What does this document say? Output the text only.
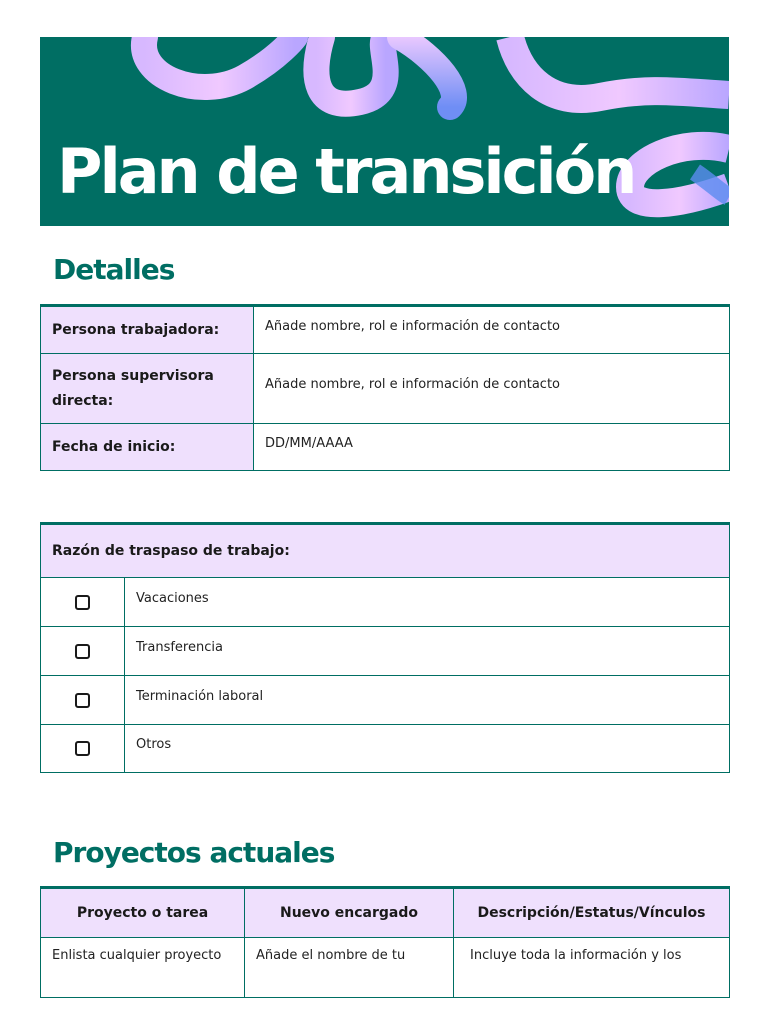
Plan de transición
Detalles
Persona trabajadora:	Añade nombre, rol e información de contacto
Persona supervisora directa:	Añade nombre, rol e información de contacto
Fecha de inicio:	DD/MM/AAAA
Razón de traspaso de trabajo:	
	Vacaciones
	Transferencia
	Terminación laboral
	Otros
Proyectos actuales
Proyecto o tarea	Nuevo encargado	Descripción/Estatus/Vínculos
Enlista cualquier proyecto	Añade el nombre de tu	Incluye toda la información y los
